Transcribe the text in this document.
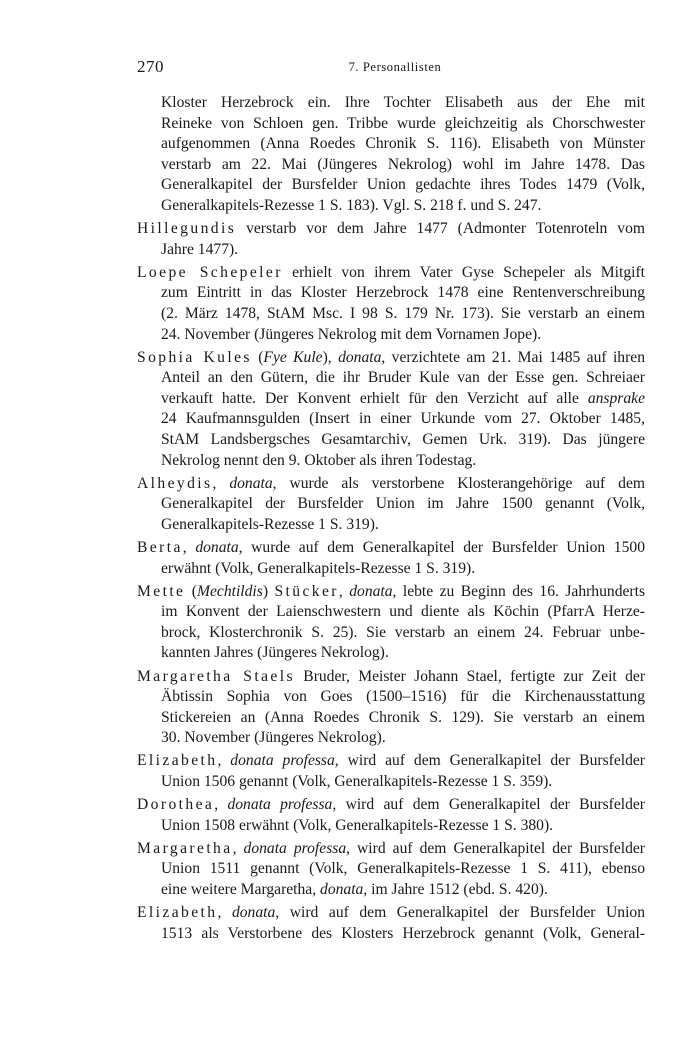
270	7. Personallisten
Kloster Herzebrock ein. Ihre Tochter Elisabeth aus der Ehe mit
Reineke von Schloen gen. Tribbe wurde gleichzeitig als Chorschwester
aufgenommen (Anna Roedes Chronik S. 116). Elisabeth von Münster
verstarb am 22. Mai (Jüngeres Nekrolog) wohl im Jahre 1478. Das
Generalkapitel der Bursfelder Union gedachte ihres Todes 1479 (Volk,
Generalkapitels-Rezesse 1 S. 183). Vgl. S. 218 f. und S. 247.
Hillegundis verstarb vor dem Jahre 1477 (Admonter Totenroteln vom
Jahre 1477).
Loepe Schepeler erhielt von ihrem Vater Gyse Schepeler als Mitgift
zum Eintritt in das Kloster Herzebrock 1478 eine Rentenverschreibung
(2. März 1478, StAM Msc. I 98 S. 179 Nr. 173). Sie verstarb an einem
24. November (Jüngeres Nekrolog mit dem Vornamen Jope).
Sophia Kules (Fye Kule), donata, verzichtete am 21. Mai 1485 auf ihren
Anteil an den Gütern, die ihr Bruder Kule van der Esse gen. Schreiaer
verkauft hatte. Der Konvent erhielt für den Verzicht auf alle ansprake
24 Kaufmannsgulden (Insert in einer Urkunde vom 27. Oktober 1485,
StAM Landsbergsches Gesamtarchiv, Gemen Urk. 319). Das jüngere
Nekrolog nennt den 9. Oktober als ihren Todestag.
Alheydis, donata, wurde als verstorbene Klosterangehörige auf dem
Generalkapitel der Bursfelder Union im Jahre 1500 genannt (Volk,
Generalkapitels-Rezesse 1 S. 319).
Berta, donata, wurde auf dem Generalkapitel der Bursfelder Union 1500
erwähnt (Volk, Generalkapitels-Rezesse 1 S. 319).
Mette (Mechtildis) Stücker, donata, lebte zu Beginn des 16. Jahrhunderts
im Konvent der Laienschwestern und diente als Köchin (PfarrA Herze-
brock, Klosterchronik S. 25). Sie verstarb an einem 24. Februar unbe-
kannten Jahres (Jüngeres Nekrolog).
Margaretha Staels Bruder, Meister Johann Stael, fertigte zur Zeit der
Äbtissin Sophia von Goes (1500–1516) für die Kirchenausstattung
Stickereien an (Anna Roedes Chronik S. 129). Sie verstarb an einem
30. November (Jüngeres Nekrolog).
Elizabeth, donata professa, wird auf dem Generalkapitel der Bursfelder
Union 1506 genannt (Volk, Generalkapitels-Rezesse 1 S. 359).
Dorothea, donata professa, wird auf dem Generalkapitel der Bursfelder
Union 1508 erwähnt (Volk, Generalkapitels-Rezesse 1 S. 380).
Margaretha, donata professa, wird auf dem Generalkapitel der Bursfelder
Union 1511 genannt (Volk, Generalkapitels-Rezesse 1 S. 411), ebenso
eine weitere Margaretha, donata, im Jahre 1512 (ebd. S. 420).
Elizabeth, donata, wird auf dem Generalkapitel der Bursfelder Union
1513 als Verstorbene des Klosters Herzebrock genannt (Volk, General-
